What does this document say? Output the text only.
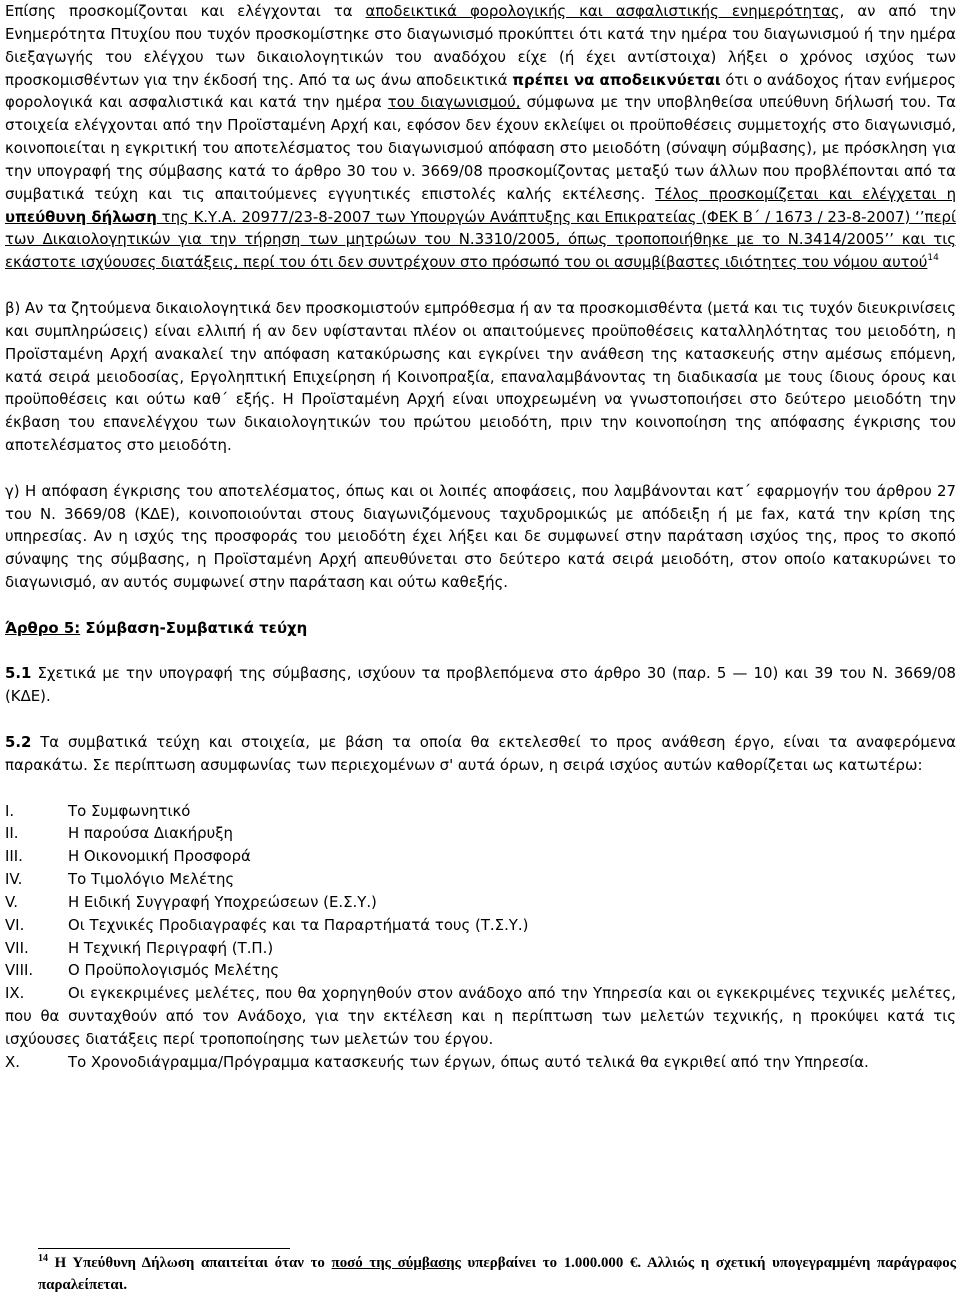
Επίσης προσκομίζονται και ελέγχονται τα αποδεικτικά φορολογικής και ασφαλιστικής ενημερότητας, αν από την Ενημερότητα Πτυχίου που τυχόν προσκομίστηκε στο διαγωνισμό προκύπτει ότι κατά την ημέρα του διαγωνισμού ή την ημέρα διεξαγωγής του ελέγχου των δικαιολογητικών του αναδόχου είχε (ή έχει αντίστοιχα) λήξει ο χρόνος ισχύος των προσκομισθέντων για την έκδοσή της. Από τα ως άνω αποδεικτικά πρέπει να αποδεικνύεται ότι ο ανάδοχος ήταν ενήμερος φορολογικά και ασφαλιστικά και κατά την ημέρα του διαγωνισμού, σύμφωνα με την υποβληθείσα υπεύθυνη δήλωσή του. Τα στοιχεία ελέγχονται από την Προϊσταμένη Αρχή και, εφόσον δεν έχουν εκλείψει οι προϋποθέσεις συμμετοχής στο διαγωνισμό, κοινοποιείται η εγκριτική του αποτελέσματος του διαγωνισμού απόφαση στο μειοδότη (σύναψη σύμβασης), με πρόσκληση για την υπογραφή της σύμβασης κατά το άρθρο 30 του ν. 3669/08 προσκομίζοντας μεταξύ των άλλων που προβλέπονται από τα συμβατικά τεύχη και τις απαιτούμενες εγγυητικές επιστολές καλής εκτέλεσης. Τέλος προσκομίζεται και ελέγχεται η υπεύθυνη δήλωση της Κ.Υ.Α. 20977/23-8-2007 των Υπουργών Ανάπτυξης και Επικρατείας (ΦΕΚ Β΄ / 1673 / 23-8-2007) ‘’περί των Δικαιολογητικών για την τήρηση των μητρώων του Ν.3310/2005, όπως τροποποιήθηκε με το Ν.3414/2005’’ και τις εκάστοτε ισχύουσες διατάξεις, περί του ότι δεν συντρέχουν στο πρόσωπό του οι ασυμβίβαστες ιδιότητες του νόμου αυτού$^{14}$

β) Αν τα ζητούμενα δικαιολογητικά δεν προσκομιστούν εμπρόθεσμα ή αν τα προσκομισθέντα (μετά και τις τυχόν διευκρινίσεις και συμπληρώσεις) είναι ελλιπή ή αν δεν υφίστανται πλέον οι απαιτούμενες προϋποθέσεις καταλληλότητας του μειοδότη, η Προϊσταμένη Αρχή ανακαλεί την απόφαση κατακύρωσης και εγκρίνει την ανάθεση της κατασκευής στην αμέσως επόμενη, κατά σειρά μειοδοσίας, Εργοληπτική Επιχείρηση ή Κοινοπραξία, επαναλαμβάνοντας τη διαδικασία με τους ίδιους όρους και προϋποθέσεις και ούτω καθ΄ εξής. Η Προϊσταμένη Αρχή είναι υποχρεωμένη να γνωστοποιήσει στο δεύτερο μειοδότη την έκβαση του επανελέγχου των δικαιολογητικών του πρώτου μειοδότη, πριν την κοινοποίηση της απόφασης έγκρισης του αποτελέσματος στο μειοδότη.

γ) Η απόφαση έγκρισης του αποτελέσματος, όπως και οι λοιπές αποφάσεις, που λαμβάνονται κατ΄ εφαρμογήν του άρθρου 27 του Ν. 3669/08 (ΚΔΕ), κοινοποιούνται στους διαγωνιζόμενους ταχυδρομικώς με απόδειξη ή με fax, κατά την κρίση της υπηρεσίας. Αν η ισχύς της προσφοράς του μειοδότη έχει λήξει και δε συμφωνεί στην παράταση ισχύος της, προς το σκοπό σύναψης της σύμβασης, η Προϊσταμένη Αρχή απευθύνεται στο δεύτερο κατά σειρά μειοδότη, στον οποίο κατακυρώνει το διαγωνισμό, αν αυτός συμφωνεί στην παράταση και ούτω καθεξής.

Άρθρο 5: Σύμβαση-Συμβατικά τεύχη

5.1 Σχετικά με την υπογραφή της σύμβασης, ισχύουν τα προβλεπόμενα στο άρθρο 30 (παρ. 5 — 10) και 39 του Ν. 3669/08 (ΚΔΕ).

5.2 Τα συμβατικά τεύχη και στοιχεία, με βάση τα οποία θα εκτελεσθεί το προς ανάθεση έργο, είναι τα αναφερόμενα παρακάτω. Σε περίπτωση ασυμφωνίας των περιεχομένων σ' αυτά όρων, η σειρά ισχύος αυτών καθορίζεται ως κατωτέρω:

I.	Το Συμφωνητικό
II.	Η παρούσα Διακήρυξη
III.	Η Οικονομική Προσφορά
IV.	Το Τιμολόγιο Μελέτης
V.	Η Ειδική Συγγραφή Υποχρεώσεων (Ε.Σ.Υ.)
VI.	Οι Τεχνικές Προδιαγραφές και τα Παραρτήματά τους (Τ.Σ.Υ.)
VII.	Η Τεχνική Περιγραφή (Τ.Π.)
VIII. Ο Προϋπολογισμός Μελέτης
IX.	Οι εγκεκριμένες μελέτες, που θα χορηγηθούν στον ανάδοχο από την Υπηρεσία και οι εγκεκριμένες τεχνικές μελέτες, που θα συνταχθούν από τον Ανάδοχο, για την εκτέλεση και η περίπτωση των μελετών τεχνικής, η προκύψει κατά τις ισχύουσες διατάξεις περί τροποποίησης των μελετών του έργου.
X.	Το Χρονοδιάγραμμα/Πρόγραμμα κατασκευής των έργων, όπως αυτό τελικά θα εγκριθεί από την Υπηρεσία.
$^{14}$ Η Υπεύθυνη Δήλωση απαιτείται όταν το ποσό της σύμβασης υπερβαίνει το 1.000.000 €. Αλλιώς η σχετική υπογεγραμμένη παράγραφος παραλείπεται.
